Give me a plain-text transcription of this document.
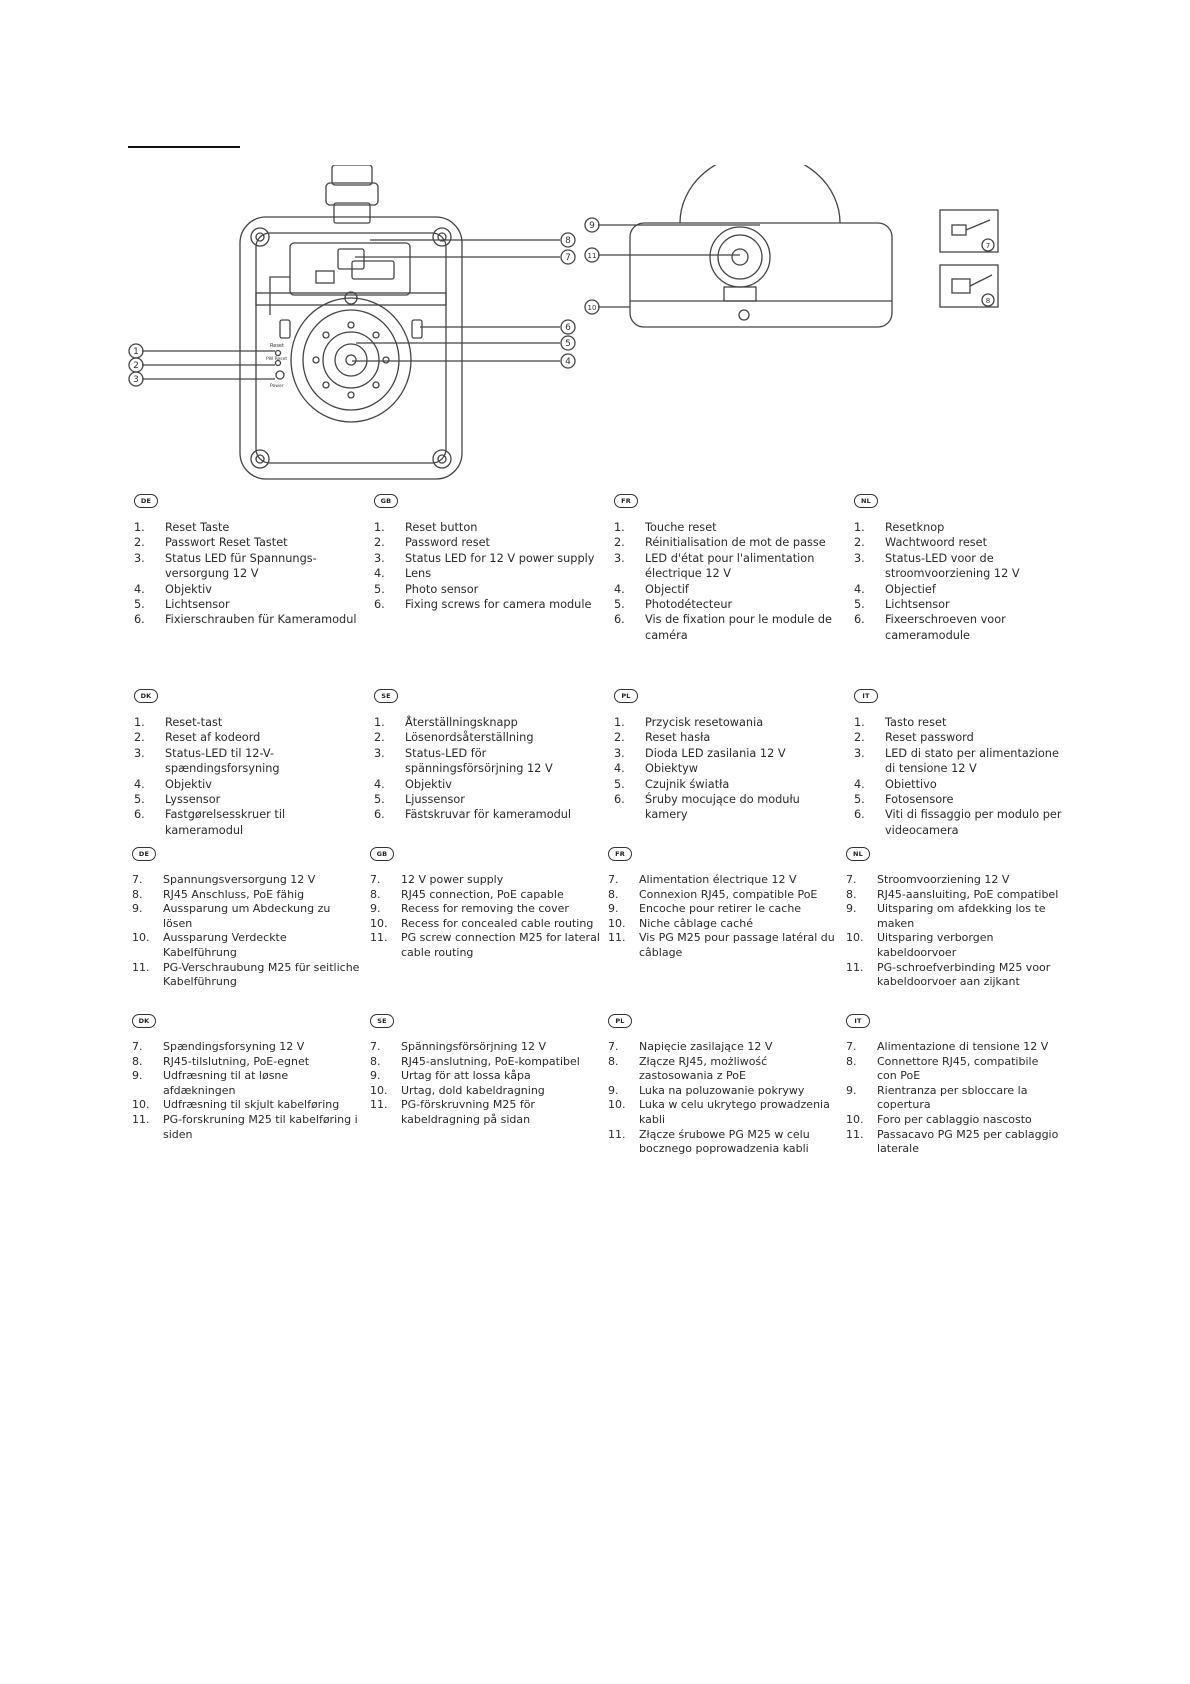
Reset
PW Reset
Power
1
2
3
4
5
6
7
8
9
10
11
7
8
DE
1.	Reset Taste
2.	Passwort Reset Tastet
3.	Status LED für Spannungs-versorgung 12 V
4.	Objektiv
5.	Lichtsensor
6.	Fixierschrauben für Kameramodul
DE
7.	Spannungsversorgung 12 V
8.	RJ45 Anschluss, PoE fähig
9.	Aussparung um Abdeckung zu lösen
10.	Aussparung Verdeckte Kabelführung
11.	PG-Verschraubung M25 für seitliche Kabelführung
GB
1.	Reset button
2.	Password reset
3.	Status LED for 12 V power supply
4.	Lens
5.	Photo sensor
6.	Fixing screws for camera module
GB
7.	12 V power supply
8.	RJ45 connection, PoE capable
9.	Recess for removing the cover
10.	Recess for concealed cable routing
11.	PG screw connection M25 for lateral cable routing
FR
1.	Touche reset
2.	Réinitialisation de mot de passe
3.	LED d'état pour l'alimentation électrique 12 V
4.	Objectif
5.	Photodétecteur
6.	Vis de fixation pour le module de caméra
FR
7.	Alimentation électrique 12 V
8.	Connexion RJ45, compatible PoE
9.	Encoche pour retirer le cache
10.	Niche câblage caché
11.	Vis PG M25 pour passage latéral du câblage
NL
1.	Resetknop
2.	Wachtwoord reset
3.	Status-LED voor de stroomvoorziening 12 V
4.	Objectief
5.	Lichtsensor
6.	Fixeerschroeven voor cameramodule
NL
7.	Stroomvoorziening 12 V
8.	RJ45-aansluiting, PoE compatibel
9.	Uitsparing om afdekking los te maken
10.	Uitsparing verborgen kabeldoorvoer
11.	PG-schroefverbinding M25 voor kabeldoorvoer aan zijkant
DK
1.	Reset-tast
2.	Reset af kodeord
3.	Status-LED til 12-V-spændingsforsyning
4.	Objektiv
5.	Lyssensor
6.	Fastgørelsesskruer til kameramodul
DK
7.	Spændingsforsyning 12 V
8.	RJ45-tilslutning, PoE-egnet
9.	Udfræsning til at løsne afdækningen
10.	Udfræsning til skjult kabelføring
11.	PG-forskruning M25 til kabelføring i siden
SE
1.	Återställningsknapp
2.	Lösenordsåterställning
3.	Status-LED för spänningsförsörjning 12 V
4.	Objektiv
5.	Ljussensor
6.	Fästskruvar för kameramodul
SE
7.	Spänningsförsörjning 12 V
8.	RJ45-anslutning, PoE-kompatibel
9.	Urtag för att lossa kåpa
10.	Urtag, dold kabeldragning
11.	PG-förskruvning M25 för kabeldragning på sidan
PL
1.	Przycisk resetowania
2.	Reset hasła
3.	Dioda LED zasilania 12 V
4.	Obiektyw
5.	Czujnik światła
6.	Śruby mocujące do modułu kamery
PL
7.	Napięcie zasilające 12 V
8.	Złącze RJ45, możliwość zastosowania z PoE
9.	Luka na poluzowanie pokrywy
10.	Luka w celu ukrytego prowadzenia kabli
11.	Złącze śrubowe PG M25 w celu bocznego poprowadzenia kabli
IT
1.	Tasto reset
2.	Reset password
3.	LED di stato per alimentazione di tensione 12 V
4.	Obiettivo
5.	Fotosensore
6.	Viti di fissaggio per modulo per videocamera
IT
7.	Alimentazione di tensione 12 V
8.	Connettore RJ45, compatibile con PoE
9.	Rientranza per sbloccare la copertura
10.	Foro per cablaggio nascosto
11.	Passacavo PG M25 per cablaggio laterale
